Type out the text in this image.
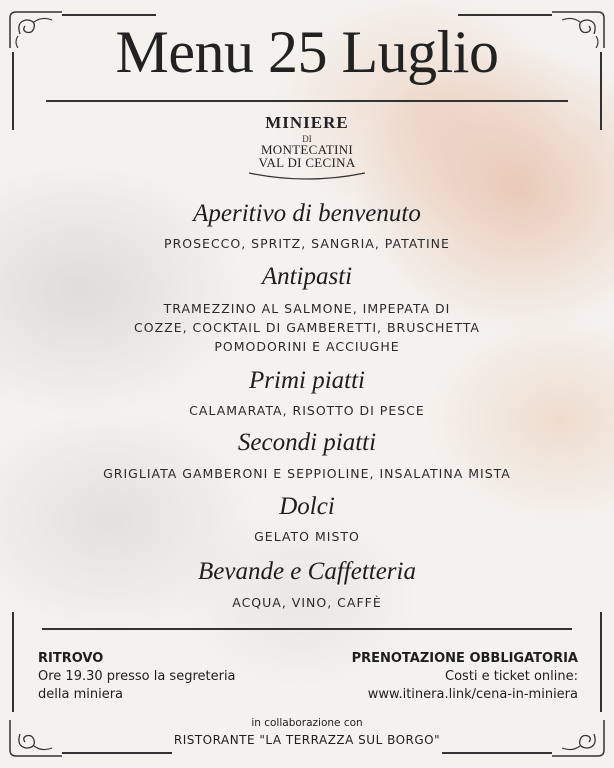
Menu 25 Luglio
MINIERE
DI
MONTECATINI
VAL DI CECINA
Aperitivo di benvenuto
PROSECCO, SPRITZ, SANGRIA, PATATINE
Antipasti
TRAMEZZINO AL SALMONE, IMPEPATA DI
COZZE, COCKTAIL DI GAMBERETTI, BRUSCHETTA
POMODORINI E ACCIUGHE
Primi piatti
CALAMARATA, RISOTTO DI PESCE
Secondi piatti
GRIGLIATA GAMBERONI E SEPPIOLINE, INSALATINA MISTA
Dolci
GELATO MISTO
Bevande e Caffetteria
ACQUA, VINO, CAFFÈ
RITROVO
Ore 19.30 presso la segreteria
della miniera
PRENOTAZIONE OBBLIGATORIA
Costi e ticket online:
www.itinera.link/cena-in-miniera
in collaborazione con
RISTORANTE "LA TERRAZZA SUL BORGO"
